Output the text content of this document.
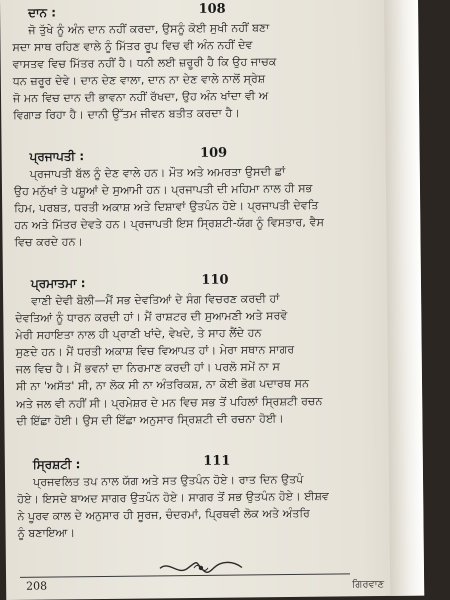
ਦਾਨ :	108
ਜੋ ਤੁੱਖੇ ਨੂੰ ਅੰਨ ਦਾਨ ਨਹੀਂ ਕਰਦਾ, ਉਸਨੂੰ ਕੋਈ ਸੁਖੀ ਨਹੀਂ ਬਣਾ
ਸਦਾ ਸਾਥ ਰਹਿਣ ਵਾਲੇ ਨੂੰ ਮਿੱਤਰ ਰੂਪ ਵਿਚ ਵੀ ਅੰਨ ਨਹੀਂ ਦੇਵ
ਵਾਸਤਵ ਵਿਚ ਮਿੱਤਰ ਨਹੀਂ ਹੈ। ਧਨੀ ਲਈ ਜ਼ਰੂਰੀ ਹੈ ਕਿ ਉਹ ਜਾਚਕ
ਧਨ ਜ਼ਰੂਰ ਦੇਵੇ। ਦਾਨ ਦੇਣ ਵਾਲਾ, ਦਾਨ ਨਾ ਦੇਣ ਵਾਲੇ ਨਾਲੋਂ ਸ੍ਰੇਸ਼
ਜੋ ਮਨ ਵਿਚ ਦਾਨ ਦੀ ਭਾਵਨਾ ਨਹੀਂ ਰੱਖਦਾ, ਉਹ ਅੰਨ ਖਾਂਦਾ ਵੀ ਅ
ਵਿਗਾੜ ਰਿਹਾ ਹੈ। ਦਾਨੀ ਉੱਤਮ ਜੀਵਨ ਬਤੀਤ ਕਰਦਾ ਹੈ।
ਪ੍ਰਜਾਪਤੀ :	109
ਪ੍ਰਜਾਪਤੀ ਬੱਲ ਨੂੰ ਦੇਣ ਵਾਲੇ ਹਨ। ਮੌਤ ਅਤੇ ਅਮਰਤਾ ਉਸਦੀ ਛਾਂ
ਉਹ ਮਨੁੱਖਾਂ ਤੇ ਪਸ਼ੂਆਂ ਦੇ ਸੁਆਮੀ ਹਨ। ਪ੍ਰਜਾਪਤੀ ਦੀ ਮਹਿਮਾ ਨਾਲ ਹੀ ਸਭ
ਹਿਮ, ਪਰਬਤ, ਧਰਤੀ ਅਕਾਸ਼ ਅਤੇ ਦਿਸ਼ਾਵਾਂ ਉਤਪੰਨ ਹੋਏ। ਪ੍ਰਜਾਪਤੀ ਦੇਵਤਿ
ਹਨ ਅਤੇ ਮਿੱਤਰ ਦੇਵਤੇ ਹਨ। ਪ੍ਰਜਾਪਤੀ ਇਸ ਸ੍ਰਿਸ਼ਟੀ-ਯੱਗ ਨੂੰ ਵਿਸਤਾਰ, ਵੈਸ
ਵਿਚ ਕਰਦੇ ਹਨ।
ਪ੍ਰਮਾਤਮਾ :	110
ਵਾਣੀ ਦੇਵੀ ਬੋਲੀ—ਮੈਂ ਸਭ ਦੇਵਤਿਆਂ ਦੇ ਸੰਗ ਵਿਚਰਣ ਕਰਦੀ ਹਾਂ
ਦੇਵਤਿਆਂ ਨੂੰ ਧਾਰਨ ਕਰਦੀ ਹਾਂ। ਮੈਂ ਰਾਸ਼ਟਰ ਦੀ ਸੁਆਮਣੀ ਅਤੇ ਸਰਵੋ
ਮੇਰੀ ਸਹਾਇਤਾ ਨਾਲ ਹੀ ਪ੍ਰਾਣੀ ਖਾਂਦੇ, ਵੇਖਦੇ, ਤੇ ਸਾਹ ਲੈਂਦੇ ਹਨ
ਸੁਣਦੇ ਹਨ। ਮੈਂ ਧਰਤੀ ਅਕਾਸ਼ ਵਿਚ ਵਿਆਪਤ ਹਾਂ। ਮੇਰਾ ਸਥਾਨ ਸਾਗਰ
ਜਲ ਵਿਚ ਹੈ। ਮੈਂ ਭਵਨਾਂ ਦਾ ਨਿਰਮਾਣ ਕਰਦੀ ਹਾਂ। ਪਰਲੋ ਸਮੇਂ ਨਾ ਸ
ਸੀ ਨਾ 'ਅਸੱਤ' ਸੀ, ਨਾ ਲੋਕ ਸੀ ਨਾ ਅੰਤਰਿਕਸ਼, ਨਾ ਕੋਈ ਭੋਗ ਪਦਾਰਥ ਸਨ
ਅਤੇ ਜਲ ਵੀ ਨਹੀਂ ਸੀ। ਪ੍ਰਮੇਸ਼ਰ ਦੇ ਮਨ ਵਿਚ ਸਭ ਤੋਂ ਪਹਿਲਾਂ ਸ੍ਰਿਸ਼ਟੀ ਰਚਨ
ਦੀ ਇੱਛਾ ਹੋਈ। ਉਸ ਦੀ ਇੱਛਾ ਅਨੁਸਾਰ ਸ੍ਰਿਸ਼ਟੀ ਦੀ ਰਚਨਾ ਹੋਈ।
ਸ੍ਰਿਸ਼ਟੀ :	111
ਪ੍ਰਜਵਲਿਤ ਤਪ ਨਾਲ ਯੱਗ ਅਤੇ ਸਤ ਉਤਪੰਨ ਹੋਏ। ਰਾਤ ਦਿਨ ਉਤਪੰ
ਹੋਏ। ਇਸਦੇ ਬਾਅਦ ਸਾਗਰ ਉਤਪੰਨ ਹੋਏ। ਸਾਗਰ ਤੋਂ ਸਭ ਉਤਪੰਨ ਹੋਏ। ਈਸ਼ਵ
ਨੇ ਪੂਰਵ ਕਾਲ ਦੇ ਅਨੁਸਾਰ ਹੀ ਸੂਰਜ, ਚੰਦਰਮਾਂ, ਪ੍ਰਿਥਵੀ ਲੋਕ ਅਤੇ ਅੰਤਰਿ
ਨੂੰ ਬਣਾਇਆ।
208	ਗਿਰਵਾਣ
